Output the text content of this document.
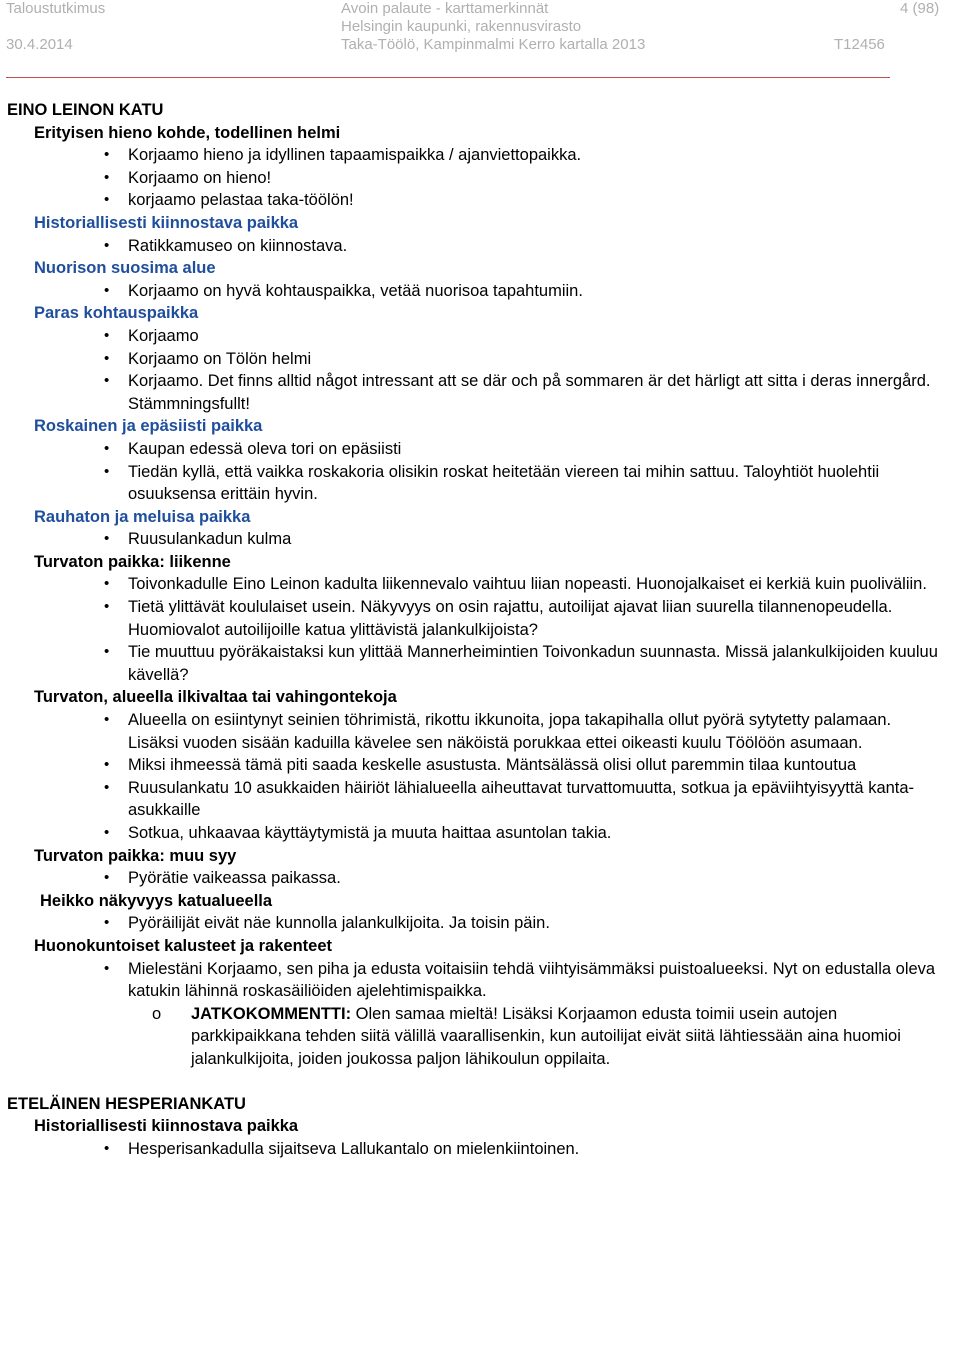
Taloustutkimus
30.4.2014
Avoin palaute - karttamerkinnät
Helsingin kaupunki, rakennusvirasto
Taka-Töölö, Kampinmalmi Kerro kartalla 2013
4 (98)
T12456
EINO LEINON KATU
Erityisen hieno kohde, todellinen helmi
• Korjaamo hieno ja idyllinen tapaamispaikka / ajanviettopaikka.
• Korjaamo on hieno!
• korjaamo pelastaa taka-töölön!
Historiallisesti kiinnostava paikka
• Ratikkamuseo on kiinnostava.
Nuorison suosima alue
• Korjaamo on hyvä kohtauspaikka, vetää nuorisoa tapahtumiin.
Paras kohtauspaikka
• Korjaamo
• Korjaamo on Tölön helmi
• Korjaamo. Det finns alltid något intressant att se där och på sommaren är det härligt att sitta i deras innergård. Stämmningsfullt!
Roskainen ja epäsiisti paikka
• Kaupan edessä oleva tori on epäsiisti
• Tiedän kyllä, että vaikka roskakoria olisikin roskat heitetään viereen tai mihin sattuu. Taloyhtiöt huolehtii osuuksensa erittäin hyvin.
Rauhaton ja meluisa paikka
• Ruusulankadun kulma
Turvaton paikka: liikenne
• Toivonkadulle Eino Leinon kadulta liikennevalo vaihtuu liian nopeasti. Huonojalkaiset ei kerkiä kuin puoliväliin.
• Tietä ylittävät koululaiset usein. Näkyvyys on osin rajattu, autoilijat ajavat liian suurella tilannenopeudella. Huomiovalot autoilijoille katua ylittävistä jalankulkijoista?
• Tie muuttuu pyöräkaistaksi kun ylittää Mannerheimintien Toivonkadun suunnasta. Missä jalankulkijoiden kuuluu kävellä?
Turvaton, alueella ilkivaltaa tai vahingontekoja
• Alueella on esiintynyt seinien töhrimistä, rikottu ikkunoita, jopa takapihalla ollut pyörä sytytetty palamaan. Lisäksi vuoden sisään kaduilla kävelee sen näköistä porukkaa ettei oikeasti kuulu Töölöön asumaan.
• Miksi ihmeessä tämä piti saada keskelle asustusta. Mäntsälässä olisi ollut paremmin tilaa kuntoutua
• Ruusulankatu 10 asukkaiden häiriöt lähialueella aiheuttavat turvattomuutta, sotkua ja epäviihtyisyyttä kanta-asukkaille
• Sotkua, uhkaavaa käyttäytymistä ja muuta haittaa asuntolan takia.
Turvaton paikka: muu syy
• Pyörätie vaikeassa paikassa.
Heikko näkyvyys katualueella
• Pyöräilijät eivät näe kunnolla jalankulkijoita. Ja toisin päin.
Huonokuntoiset kalusteet ja rakenteet
• Mielestäni Korjaamo, sen piha ja edusta voitaisiin tehdä viihtyisämmäksi puistoalueeksi. Nyt on edustalla oleva katukin lähinnä roskasäiliöiden ajelehtimispaikka.
o JATKOKOMMENTTI: Olen samaa mieltä! Lisäksi Korjaamon edusta toimii usein autojen parkkipaikkana tehden siitä välillä vaarallisenkin, kun autoilijat eivät siitä lähtiessään aina huomioi jalankulkijoita, joiden joukossa paljon lähikoulun oppilaita.
ETELÄINEN HESPERIANKATU
Historiallisesti kiinnostava paikka
• Hesperisankadulla sijaitseva Lallukantalo on mielenkiintoinen.
